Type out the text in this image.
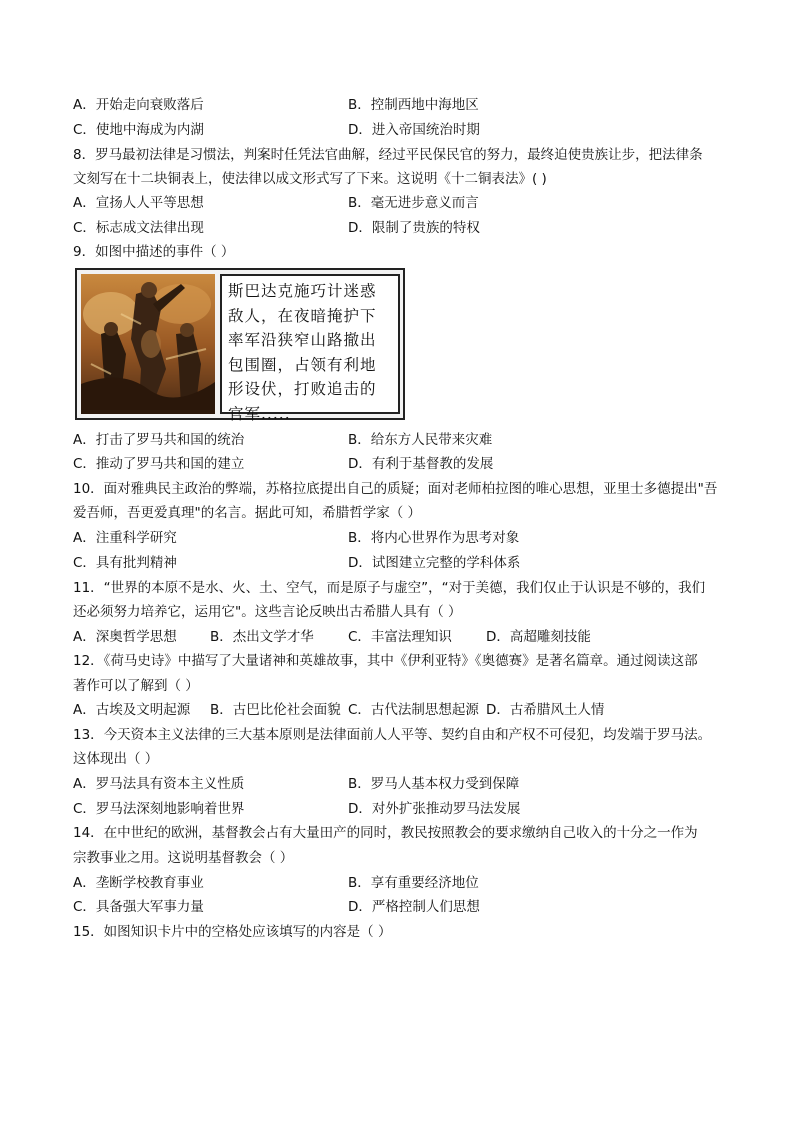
A．开始走向衰败落后	B．控制西地中海地区
C．使地中海成为内湖	D．进入帝国统治时期
8．罗马最初法律是习惯法，判案时任凭法官曲解，经过平民保民官的努力，最终迫使贵族让步，把法律条
文刻写在十二块铜表上，使法律以成文形式写了下来。这说明《十二铜表法》( )
A．宣扬人人平等思想	B．毫无进步意义而言
C．标志成文法律出现	D．限制了贵族的特权
9．如图中描述的事件（ ）
斯巴达克施巧计迷惑敌人，在夜暗掩护下率军沿狭窄山路撤出包围圈，占领有利地形设伏，打败追击的官军.....
A．打击了罗马共和国的统治	B．给东方人民带来灾难
C．推动了罗马共和国的建立	D．有利于基督教的发展
10．面对雅典民主政治的弊端，苏格拉底提出自己的质疑；面对老师柏拉图的唯心思想，亚里士多德提出"吾
爱吾师，吾更爱真理"的名言。据此可知，希腊哲学家（ ）
A．注重科学研究	B．将内心世界作为思考对象
C．具有批判精神	D．试图建立完整的学科体系
11．“世界的本原不是水、火、土、空气，而是原子与虚空”，“对于美德，我们仅止于认识是不够的，我们
还必须努力培养它，运用它"。这些言论反映出古希腊人具有（ ）
A．深奥哲学思想 B．杰出文学才华	C．丰富法理知识	D．高超雕刻技能
12．《荷马史诗》中描写了大量诸神和英雄故事，其中《伊利亚特》《奥德赛》是著名篇章。通过阅读这部
著作可以了解到（ ）
A．古埃及文明起源 B．古巴比伦社会面貌 C．古代法制思想起源 D．古希腊风土人情
13．今天资本主义法律的三大基本原则是法律面前人人平等、契约自由和产权不可侵犯，均发端于罗马法。
这体现出（ ）
A．罗马法具有资本主义性质	B．罗马人基本权力受到保障
C．罗马法深刻地影响着世界	D．对外扩张推动罗马法发展
14．在中世纪的欧洲，基督教会占有大量田产的同时，教民按照教会的要求缴纳自己收入的十分之一作为
宗教事业之用。这说明基督教会（ ）
A．垄断学校教育事业	B．享有重要经济地位
C．具备强大军事力量	D．严格控制人们思想
15．如图知识卡片中的空格处应该填写的内容是（ ）
